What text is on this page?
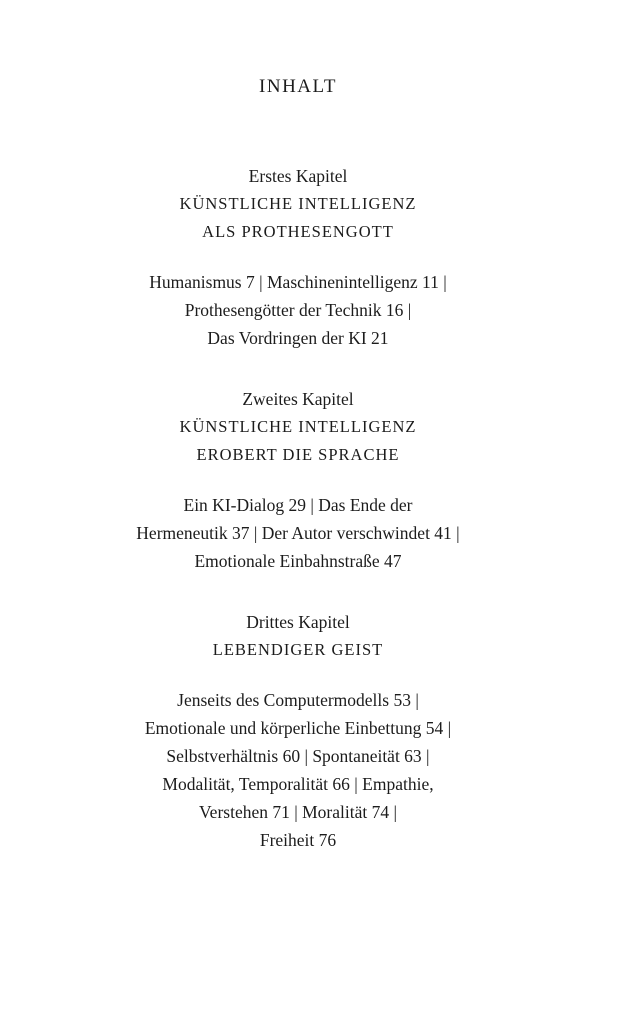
INHALT
Erstes Kapitel
KÜNSTLICHE INTELLIGENZ
ALS PROTHESENGOTT
Humanismus 7 | Maschinenintelligenz 11 |
Prothesengötter der Technik 16 |
Das Vordringen der KI 21
Zweites Kapitel
KÜNSTLICHE INTELLIGENZ
EROBERT DIE SPRACHE
Ein KI-Dialog 29 | Das Ende der
Hermeneutik 37 | Der Autor verschwindet 41 |
Emotionale Einbahnstraße 47
Drittes Kapitel
LEBENDIGER GEIST
Jenseits des Computermodells 53 |
Emotionale und körperliche Einbettung 54 |
Selbstverhältnis 60 | Spontaneität 63 |
Modalität, Temporalität 66 | Empathie,
Verstehen 71 | Moralität 74 |
Freiheit 76
